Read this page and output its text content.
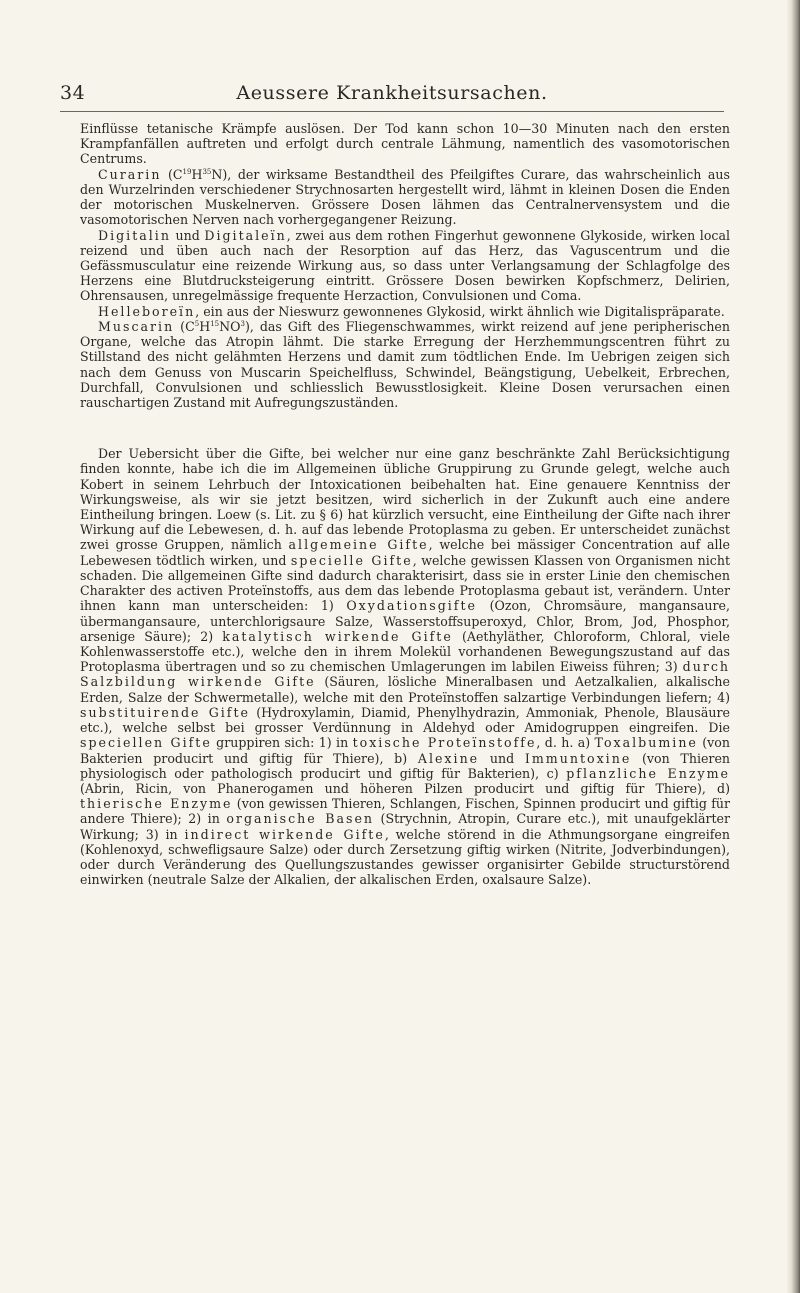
34	Aeussere Krankheitsursachen.

Einflüsse tetanische Krämpfe auslösen. Der Tod kann schon 10—30 Minuten nach den ersten Krampfanfällen auftreten und erfolgt durch centrale Lähmung, namentlich des vasomotorischen Centrums.

Curarin $(C^{19}H^{35}N)$, der wirksame Bestandtheil des Pfeilgiftes Curare, das wahrscheinlich aus den Wurzelrinden verschiedener Strychnosarten hergestellt wird, lähmt in kleinen Dosen die Enden der motorischen Muskelnerven. Grössere Dosen lähmen das Centralnervensystem und die vasomotorischen Nerven nach vorhergegangener Reizung.

Digitalin und Digitaleïn, zwei aus dem rothen Fingerhut gewonnene Glykoside, wirken local reizend und üben auch nach der Resorption auf das Herz, das Vaguscentrum und die Gefässmusculatur eine reizende Wirkung aus, so dass unter Verlangsamung der Schlagfolge des Herzens eine Blutdrucksteigerung eintritt. Grössere Dosen bewirken Kopfschmerz, Delirien, Ohrensausen, unregelmässige frequente Herzaction, Convulsionen und Coma.

Helleboreïn, ein aus der Nieswurz gewonnenes Glykosid, wirkt ähnlich wie Digitalispräparate.

Muscarin $(C^5H^{15}NO^3)$, das Gift des Fliegenschwammes, wirkt reizend auf jene peripherischen Organe, welche das Atropin lähmt. Die starke Erregung der Herzhemmungscentren führt zu Stillstand des nicht gelähmten Herzens und damit zum tödtlichen Ende. Im Uebrigen zeigen sich nach dem Genuss von Muscarin Speichelfluss, Schwindel, Beängstigung, Uebelkeit, Erbrechen, Durchfall, Convulsionen und schliesslich Bewusstlosigkeit. Kleine Dosen verursachen einen rauschartigen Zustand mit Aufregungszuständen.

Der Uebersicht über die Gifte, bei welcher nur eine ganz beschränkte Zahl Berücksichtigung finden konnte, habe ich die im Allgemeinen übliche Gruppirung zu Grunde gelegt, welche auch Kobert in seinem Lehrbuch der Intoxicationen beibehalten hat. Eine genauere Kenntniss der Wirkungsweise, als wir sie jetzt besitzen, wird sicherlich in der Zukunft auch eine andere Eintheilung bringen. Loew (s. Lit. zu § 6) hat kürzlich versucht, eine Eintheilung der Gifte nach ihrer Wirkung auf die Lebewesen, d. h. auf das lebende Protoplasma zu geben. Er unterscheidet zunächst zwei grosse Gruppen, nämlich allgemeine Gifte, welche bei mässiger Concentration auf alle Lebewesen tödtlich wirken, und specielle Gifte, welche gewissen Klassen von Organismen nicht schaden. Die allgemeinen Gifte sind dadurch charakterisirt, dass sie in erster Linie den chemischen Charakter des activen Proteïnstoffs, aus dem das lebende Protoplasma gebaut ist, verändern. Unter ihnen kann man unterscheiden: 1) Oxydationsgifte (Ozon, Chromsäure, mangansaure, übermangansaure, unterchlorigsaure Salze, Wasserstoffsuperoxyd, Chlor, Brom, Jod, Phosphor, arsenige Säure); 2) katalytisch wirkende Gifte (Aethyläther, Chloroform, Chloral, viele Kohlenwasserstoffe etc.), welche den in ihrem Molekül vorhandenen Bewegungszustand auf das Protoplasma übertragen und so zu chemischen Umlagerungen im labilen Eiweiss führen; 3) durch Salzbildung wirkende Gifte (Säuren, lösliche Mineralbasen und Aetzalkalien, alkalische Erden, Salze der Schwermetalle), welche mit den Proteïnstoffen salzartige Verbindungen liefern; 4) substituirende Gifte (Hydroxylamin, Diamid, Phenylhydrazin, Ammoniak, Phenole, Blausäure etc.), welche selbst bei grosser Verdünnung in Aldehyd oder Amidogruppen eingreifen. Die speciellen Gifte gruppiren sich: 1) in toxische Proteïnstoffe, d. h. a) Toxalbumine (von Bakterien producirt und giftig für Thiere), b) Alexine und Immuntoxine (von Thieren physiologisch oder pathologisch producirt und giftig für Bakterien), c) pflanzliche Enzyme (Abrin, Ricin, von Phanerogamen und höheren Pilzen producirt und giftig für Thiere), d) thierische Enzyme (von gewissen Thieren, Schlangen, Fischen, Spinnen producirt und giftig für andere Thiere); 2) in organische Basen (Strychnin, Atropin, Curare etc.), mit unaufgeklärter Wirkung; 3) in indirect wirkende Gifte, welche störend in die Athmungsorgane eingreifen (Kohlenoxyd, schwefligsaure Salze) oder durch Zersetzung giftig wirken (Nitrite, Jodverbindungen), oder durch Veränderung des Quellungszustandes gewisser organisirter Gebilde structurstörend einwirken (neutrale Salze der Alkalien, der alkalischen Erden, oxalsaure Salze).
